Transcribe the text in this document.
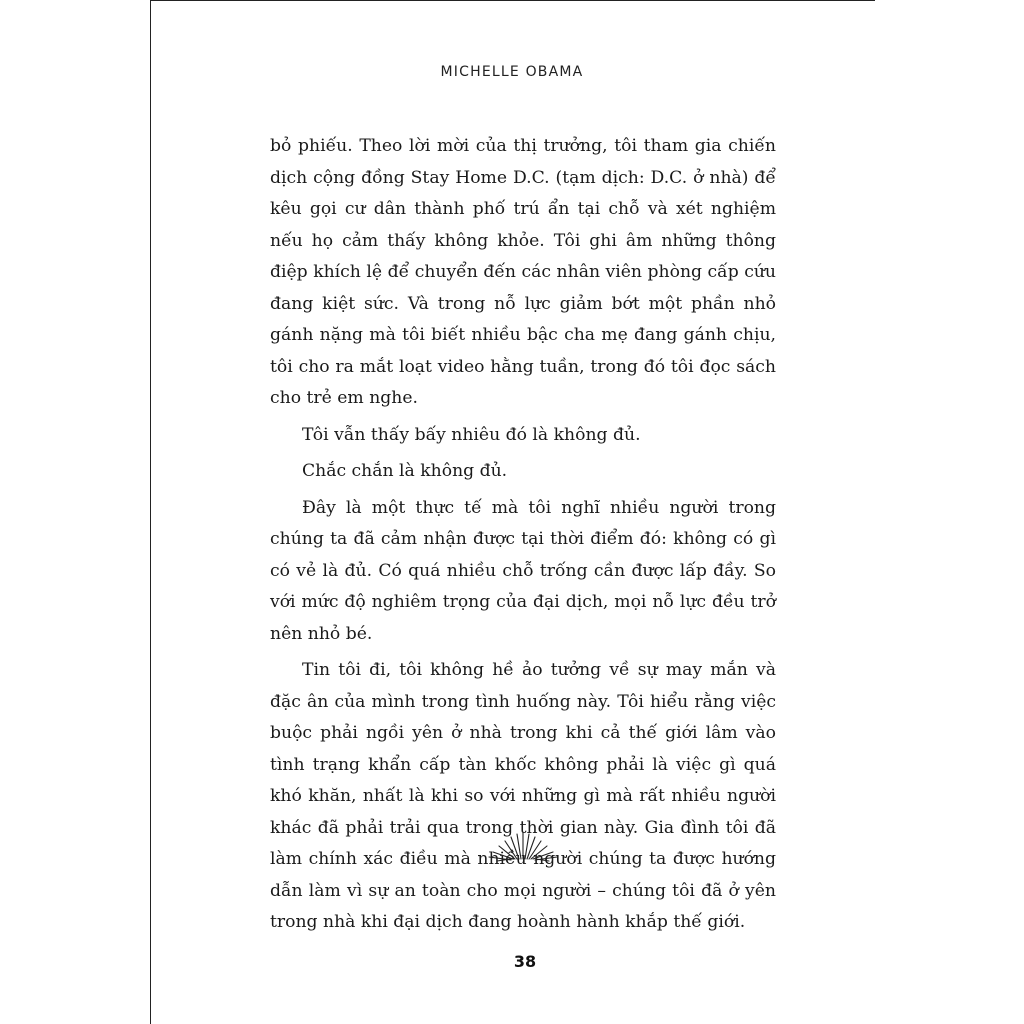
MICHELLE OBAMA

bỏ phiếu. Theo lời mời của thị trưởng, tôi tham gia chiến dịch cộng đồng Stay Home D.C. (tạm dịch: D.C. ở nhà) để kêu gọi cư dân thành phố trú ẩn tại chỗ và xét nghiệm nếu họ cảm thấy không khỏe. Tôi ghi âm những thông điệp khích lệ để chuyển đến các nhân viên phòng cấp cứu đang kiệt sức. Và trong nỗ lực giảm bớt một phần nhỏ gánh nặng mà tôi biết nhiều bậc cha mẹ đang gánh chịu, tôi cho ra mắt loạt video hằng tuần, trong đó tôi đọc sách cho trẻ em nghe.

Tôi vẫn thấy bấy nhiêu đó là không đủ.

Chắc chắn là không đủ.

Đây là một thực tế mà tôi nghĩ nhiều người trong chúng ta đã cảm nhận được tại thời điểm đó: không có gì có vẻ là đủ. Có quá nhiều chỗ trống cần được lấp đầy. So với mức độ nghiêm trọng của đại dịch, mọi nỗ lực đều trở nên nhỏ bé.

Tin tôi đi, tôi không hề ảo tưởng về sự may mắn và đặc ân của mình trong tình huống này. Tôi hiểu rằng việc buộc phải ngồi yên ở nhà trong khi cả thế giới lâm vào tình trạng khẩn cấp tàn khốc không phải là việc gì quá khó khăn, nhất là khi so với những gì mà rất nhiều người khác đã phải trải qua trong thời gian này. Gia đình tôi đã làm chính xác điều mà nhiều người chúng ta được hướng dẫn làm vì sự an toàn cho mọi người – chúng tôi đã ở yên trong nhà khi đại dịch đang hoành hành khắp thế giới.

38
